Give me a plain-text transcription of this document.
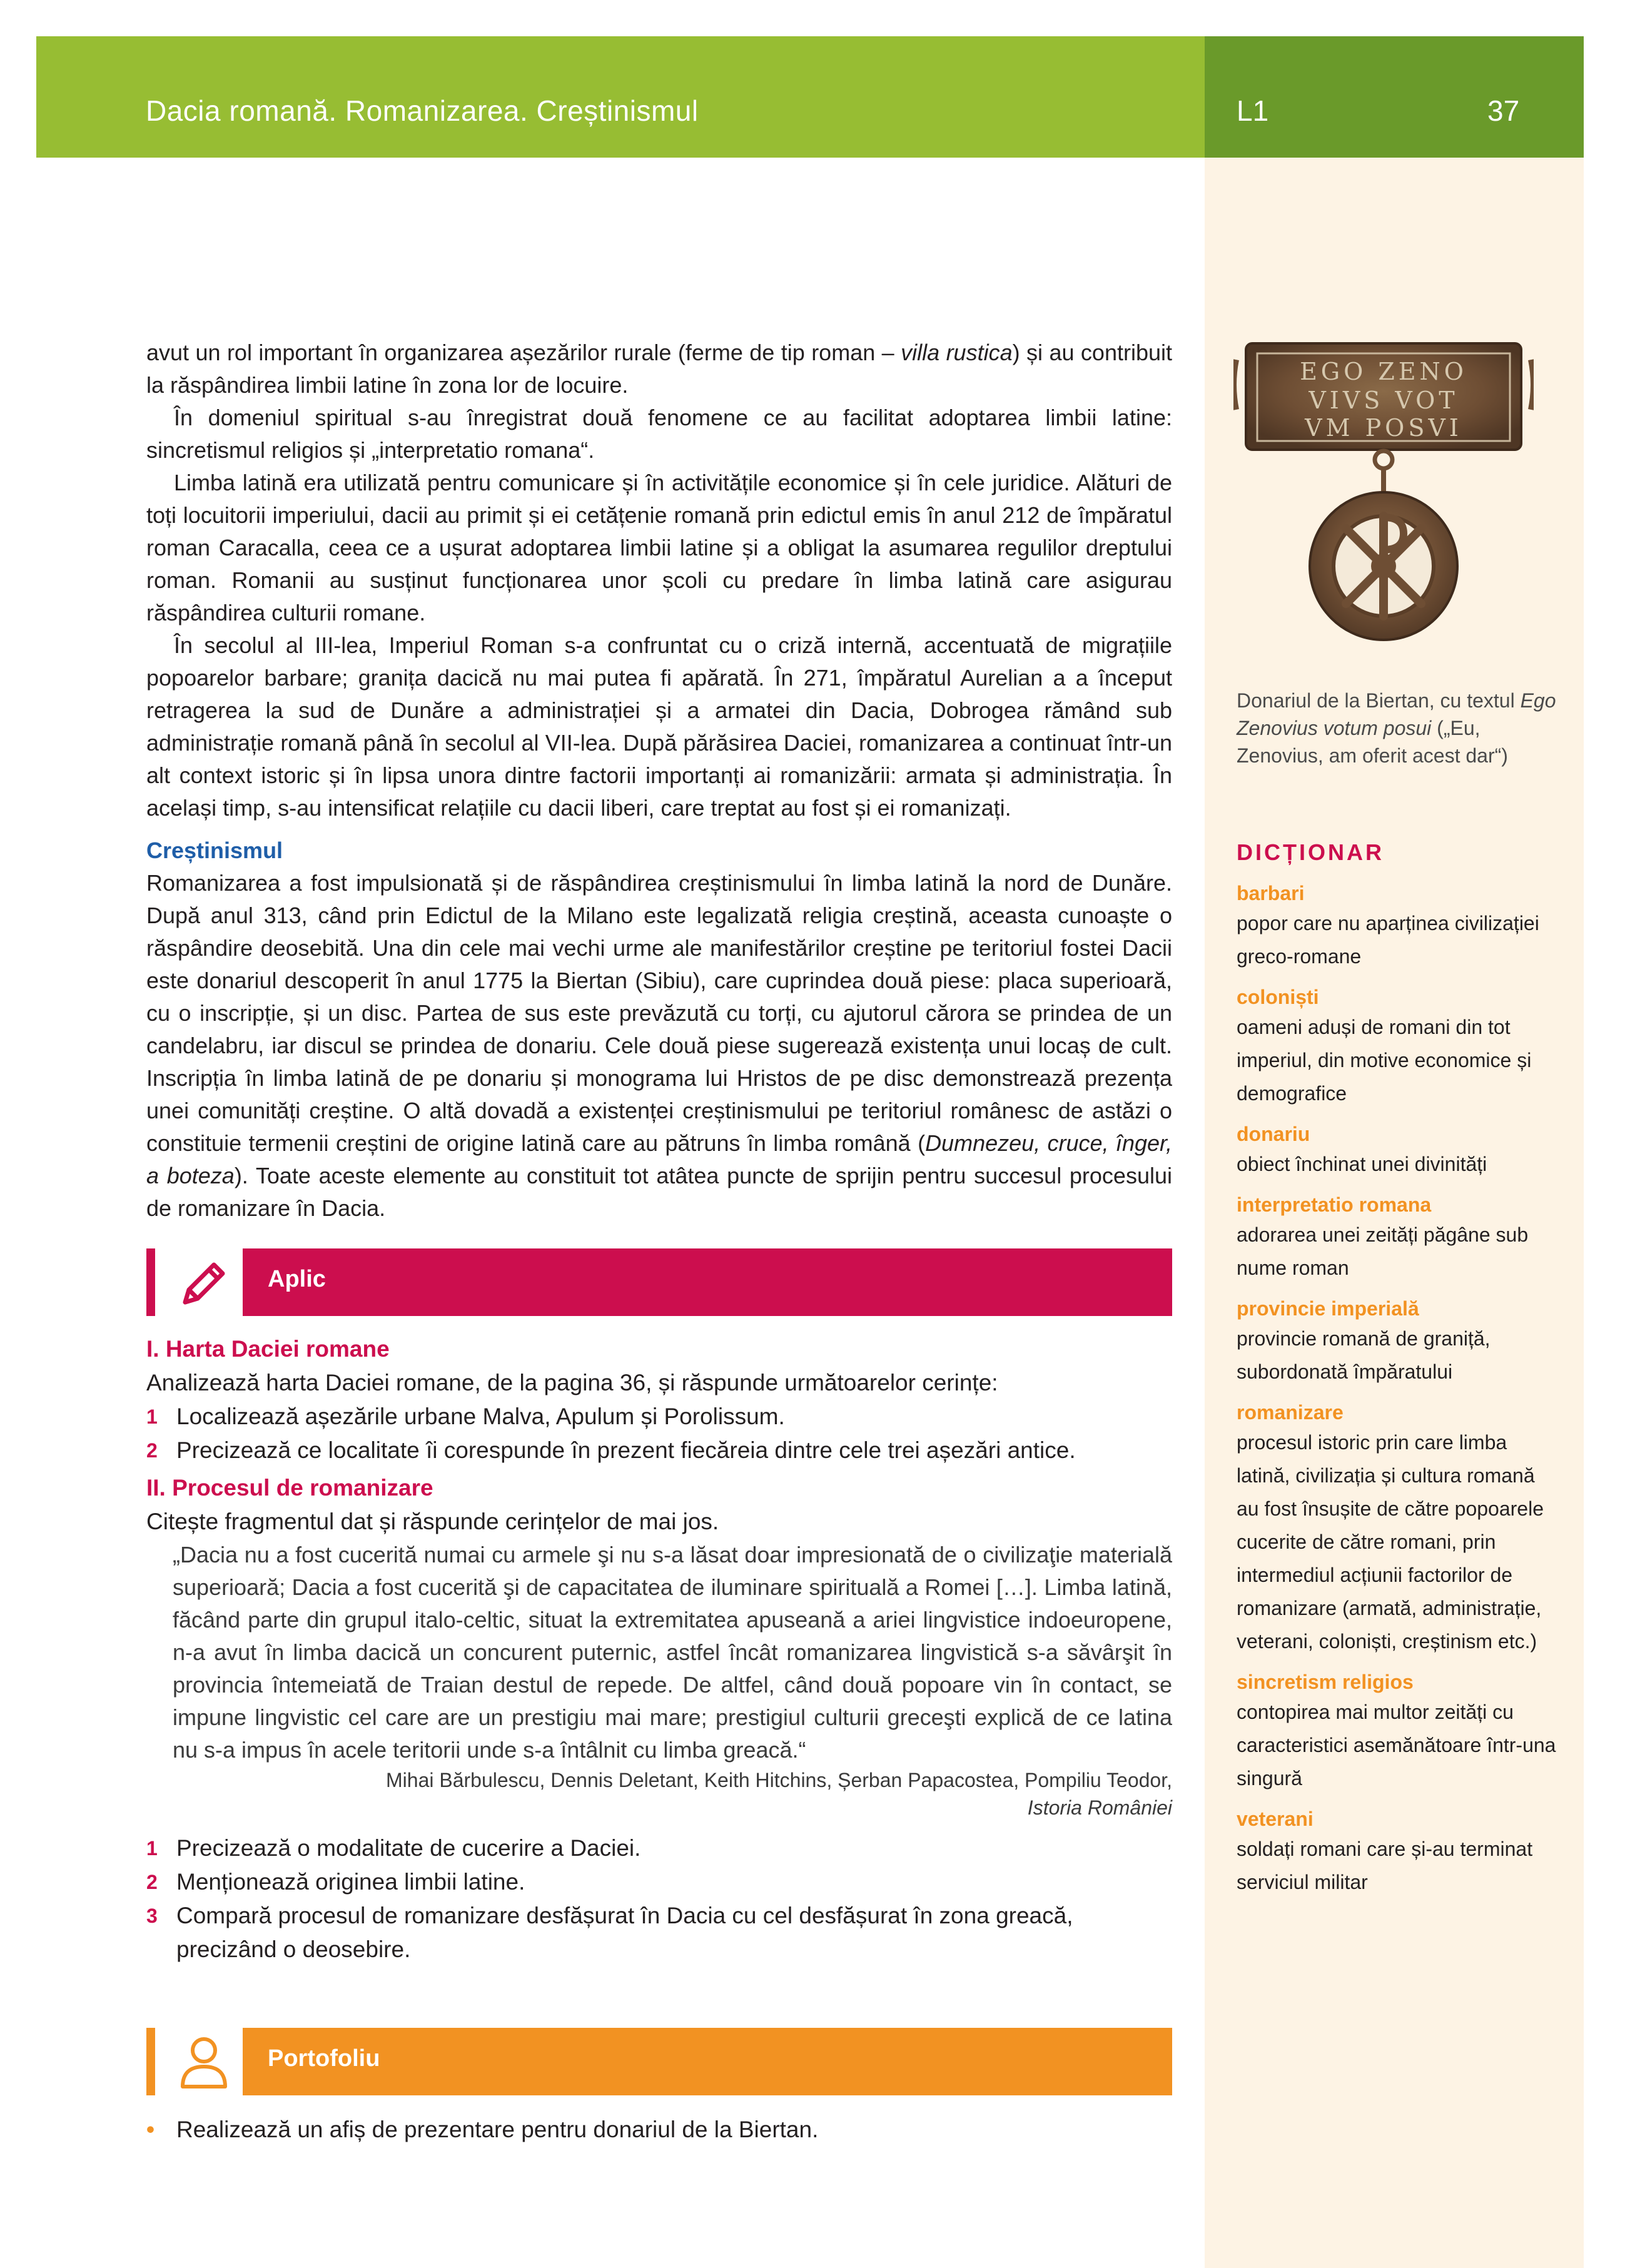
Dacia romană. Romanizarea. Creștinismul	L1	37

avut un rol important în organizarea așezărilor rurale (ferme de tip roman – villa rustica) și au contribuit la răspândirea limbii latine în zona lor de locuire.

În domeniul spiritual s-au înregistrat două fenomene ce au facilitat adoptarea limbii latine: sincretismul religios și „interpretatio romana“.

Limba latină era utilizată pentru comunicare și în activitățile economice și în cele juridice. Alături de toți locuitorii imperiului, dacii au primit și ei cetățenie romană prin edictul emis în anul 212 de împăratul roman Caracalla, ceea ce a ușurat adoptarea limbii latine și a obligat la asumarea regulilor dreptului roman. Romanii au susținut funcționarea unor școli cu predare în limba latină care asigurau răspândirea culturii romane.

În secolul al III-lea, Imperiul Roman s-a confruntat cu o criză internă, accentuată de migrațiile popoarelor barbare; granița dacică nu mai putea fi apărată. În 271, împăratul Aurelian a a început retragerea la sud de Dunăre a administrației și a armatei din Dacia, Dobrogea rămând sub administrație romană până în secolul al VII-lea. După părăsirea Daciei, romanizarea a continuat într-un alt context istoric și în lipsa unora dintre factorii importanți ai romanizării: armata și administrația. În același timp, s-au intensificat relațiile cu dacii liberi, care treptat au fost și ei romanizați.

Creștinismul

Romanizarea a fost impulsionată și de răspândirea creștinismului în limba latină la nord de Dunăre. După anul 313, când prin Edictul de la Milano este legalizată religia creștină, aceasta cunoaște o răspândire deosebită. Una din cele mai vechi urme ale manifestărilor creștine pe teritoriul fostei Dacii este donariul descoperit în anul 1775 la Biertan (Sibiu), care cuprindea două piese: placa superioară, cu o inscripție, și un disc. Partea de sus este prevăzută cu torți, cu ajutorul cărora se prindea de un candelabru, iar discul se prindea de donariu. Cele două piese sugerează existența unui locaș de cult. Inscripția în limba latină de pe donariu și monograma lui Hristos de pe disc demonstrează prezența unei comunități creștine. O altă dovadă a existenței creștinismului pe teritoriul românesc de astăzi o constituie termenii creștini de origine latină care au pătruns în limba română (Dumnezeu, cruce, înger, a boteza). Toate aceste elemente au constituit tot atâtea puncte de sprijin pentru succesul procesului de romanizare în Dacia.

Aplic

I. Harta Daciei romane

Analizează harta Daciei romane, de la pagina 36, și răspunde următoarelor cerințe:

1 Localizează așezările urbane Malva, Apulum și Porolissum.

2 Precizează ce localitate îi corespunde în prezent fiecăreia dintre cele trei așezări antice.

II. Procesul de romanizare

Citește fragmentul dat și răspunde cerințelor de mai jos.

„Dacia nu a fost cucerită numai cu armele şi nu s-a lăsat doar impresionată de o civilizaţie materială superioară; Dacia a fost cucerită şi de capacitatea de iluminare spirituală a Romei […]. Limba latină, făcând parte din grupul italo-celtic, situat la extremitatea apuseană a ariei lingvistice indoeuropene, n-a avut în limba dacică un concurent puternic, astfel încât romanizarea lingvistică s-a săvârşit în provincia întemeiată de Traian destul de repede. De altfel, când două popoare vin în contact, se impune lingvistic cel care are un prestigiu mai mare; prestigiul culturii greceşti explică de ce latina nu s-a impus în acele teritorii unde s-a întâlnit cu limba greacă.“

Mihai Bărbulescu, Dennis Deletant, Keith Hitchins, Șerban Papacostea, Pompiliu Teodor,
Istoria României

1 Precizează o modalitate de cucerire a Daciei.

2 Menționează originea limbii latine.

3 Compară procesul de romanizare desfășurat în Dacia cu cel desfășurat în zona greacă, precizând o deosebire.

Portofoliu
• Realizează un afiș de prezentare pentru donariul de la Biertan.
EGO ZENO
VIVS VOT
VM POSVI
Donariul de la Biertan, cu textul Ego Zenovius votum posui („Eu, Zenovius, am oferit acest dar“)

DICȚIONAR

barbari

popor care nu aparținea civilizației greco-romane

coloniști

oameni aduși de romani din tot imperiul, din motive economice și demografice

donariu

obiect închinat unei divinități

interpretatio romana

adorarea unei zeități păgâne sub nume roman

provincie imperială

provincie romană de graniță, subordonată împăratului

romanizare

procesul istoric prin care limba latină, civilizația și cultura romană au fost însușite de către popoarele cucerite de către romani, prin intermediul acțiunii factorilor de romanizare (armată, administrație, veterani, coloniști, creștinism etc.)

sincretism religios

contopirea mai multor zeități cu caracteristici asemănătoare într-una singură

veterani

soldați romani care și-au terminat serviciul militar
